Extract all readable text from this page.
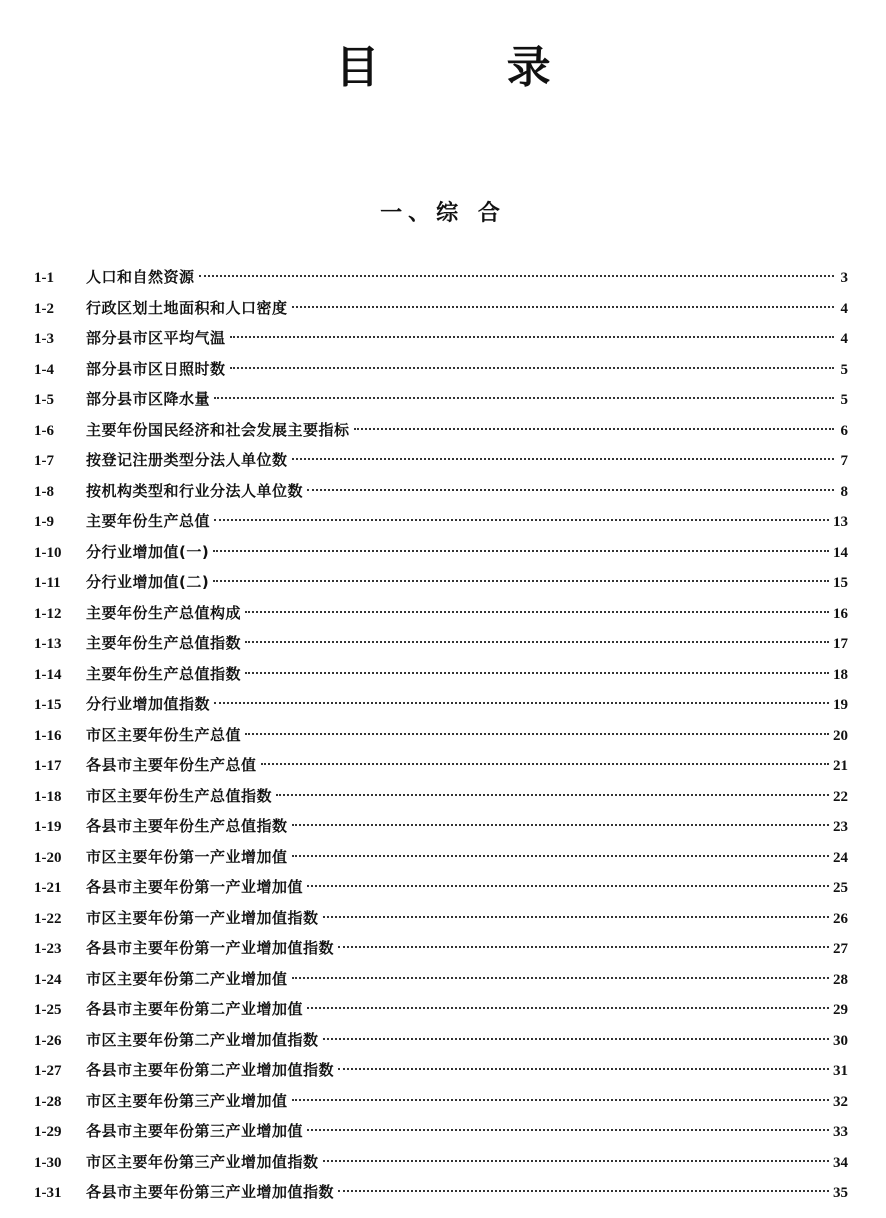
目 录
一、综 合
1-1	人口和自然资源	3
1-2	行政区划土地面积和人口密度	4
1-3	部分县市区平均气温	4
1-4	部分县市区日照时数	5
1-5	部分县市区降水量	5
1-6	主要年份国民经济和社会发展主要指标	6
1-7	按登记注册类型分法人单位数	7
1-8	按机构类型和行业分法人单位数	8
1-9	主要年份生产总值	13
1-10	分行业增加值(一)	14
1-11	分行业增加值(二)	15
1-12	主要年份生产总值构成	16
1-13	主要年份生产总值指数	17
1-14	主要年份生产总值指数	18
1-15	分行业增加值指数	19
1-16	市区主要年份生产总值	20
1-17	各县市主要年份生产总值	21
1-18	市区主要年份生产总值指数	22
1-19	各县市主要年份生产总值指数	23
1-20	市区主要年份第一产业增加值	24
1-21	各县市主要年份第一产业增加值	25
1-22	市区主要年份第一产业增加值指数	26
1-23	各县市主要年份第一产业增加值指数	27
1-24	市区主要年份第二产业增加值	28
1-25	各县市主要年份第二产业增加值	29
1-26	市区主要年份第二产业增加值指数	30
1-27	各县市主要年份第二产业增加值指数	31
1-28	市区主要年份第三产业增加值	32
1-29	各县市主要年份第三产业增加值	33
1-30	市区主要年份第三产业增加值指数	34
1-31	各县市主要年份第三产业增加值指数	35
